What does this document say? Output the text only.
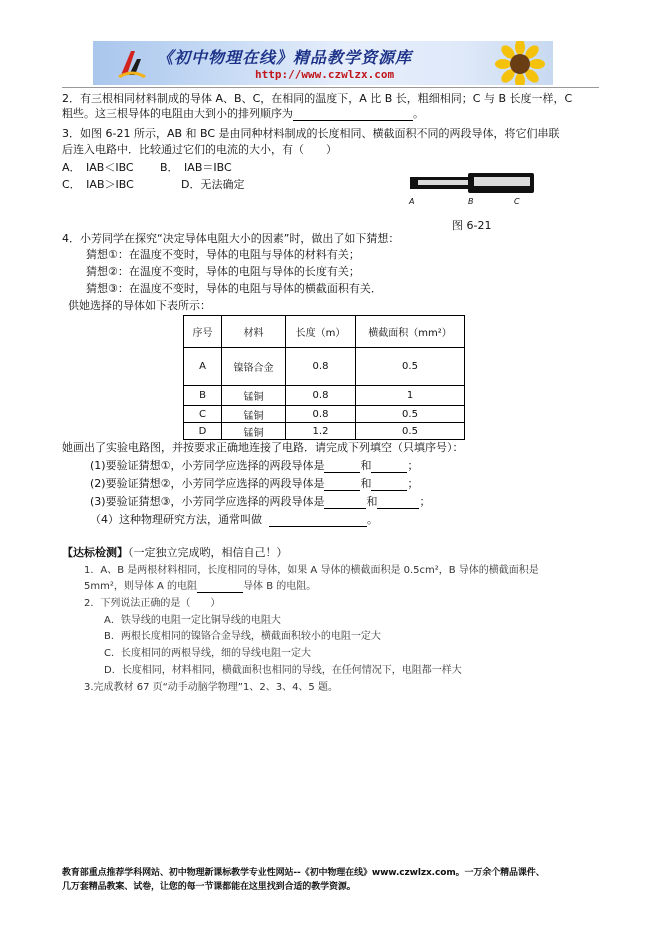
《初中物理在线》精品教学资源库
http://www.czwlzx.com
2．有三根相同材料制成的导体 A、B、C，在相同的温度下，A 比 B 长，粗细相同；C 与 B 长度一样，C
粗些。这三根导体的电阻由大到小的排列顺序为	。
3．如图 6-21 所示，AB 和 BC 是由同种材料制成的长度相同、横截面积不同的两段导体，将它们串联
后连入电路中．比较通过它们的电流的大小，有（　　）
A．　IAB＜IBC B．　IAB＝IBC
C．　IAB＞IBC	D．无法确定
A	B	C
图 6-21
4．小芳同学在探究“决定导体电阻大小的因素”时，做出了如下猜想：
猜想①：在温度不变时，导体的电阻与导体的材料有关；
猜想②：在温度不变时，导体的电阻与导体的长度有关；
猜想③：在温度不变时，导体的电阻与导体的横截面积有关．
供她选择的导体如下表所示：
序号	材料	长度（m）	横截面积（mm²）
A	镍铬合金	0.8	0.5
B	锰铜	0.8	1
C	锰铜	0.8	0.5
D	锰铜	1.2	0.5
她画出了实验电路图，并按要求正确地连接了电路．请完成下列填空（只填序号）：
(1)要验证猜想①，小芳同学应选择的两段导体是	和	；
(2)要验证猜想②，小芳同学应选择的两段导体是	和	；
(3)要验证猜想③，小芳同学应选择的两段导体是	和	；
（4）这种物理研究方法，通常叫做	。
【达标检测】（一定独立完成哟，相信自己！）
1．A、B 是两根材料相同，长度相同的导体，如果 A 导体的横截面积是 0.5cm²，B 导体的横截面积是
5mm²，则导体 A 的电阻	导体 B 的电阻。
2．下列说法正确的是（　　）
A．铁导线的电阻一定比铜导线的电阻大
B．两根长度相同的镍铬合金导线，横截面积较小的电阻一定大
C．长度相同的两根导线，细的导线电阻一定大
D．长度相同，材料相同，横截面积也相同的导线，在任何情况下，电阻都一样大
3.完成教材 67 页“动手动脑学物理”1、2、3、4、5 题。
教育部重点推荐学科网站、初中物理新课标教学专业性网站--《初中物理在线》www.czwlzx.com。一万余个精品课件、
几万套精品教案、试卷，让您的每一节课都能在这里找到合适的教学资源。
